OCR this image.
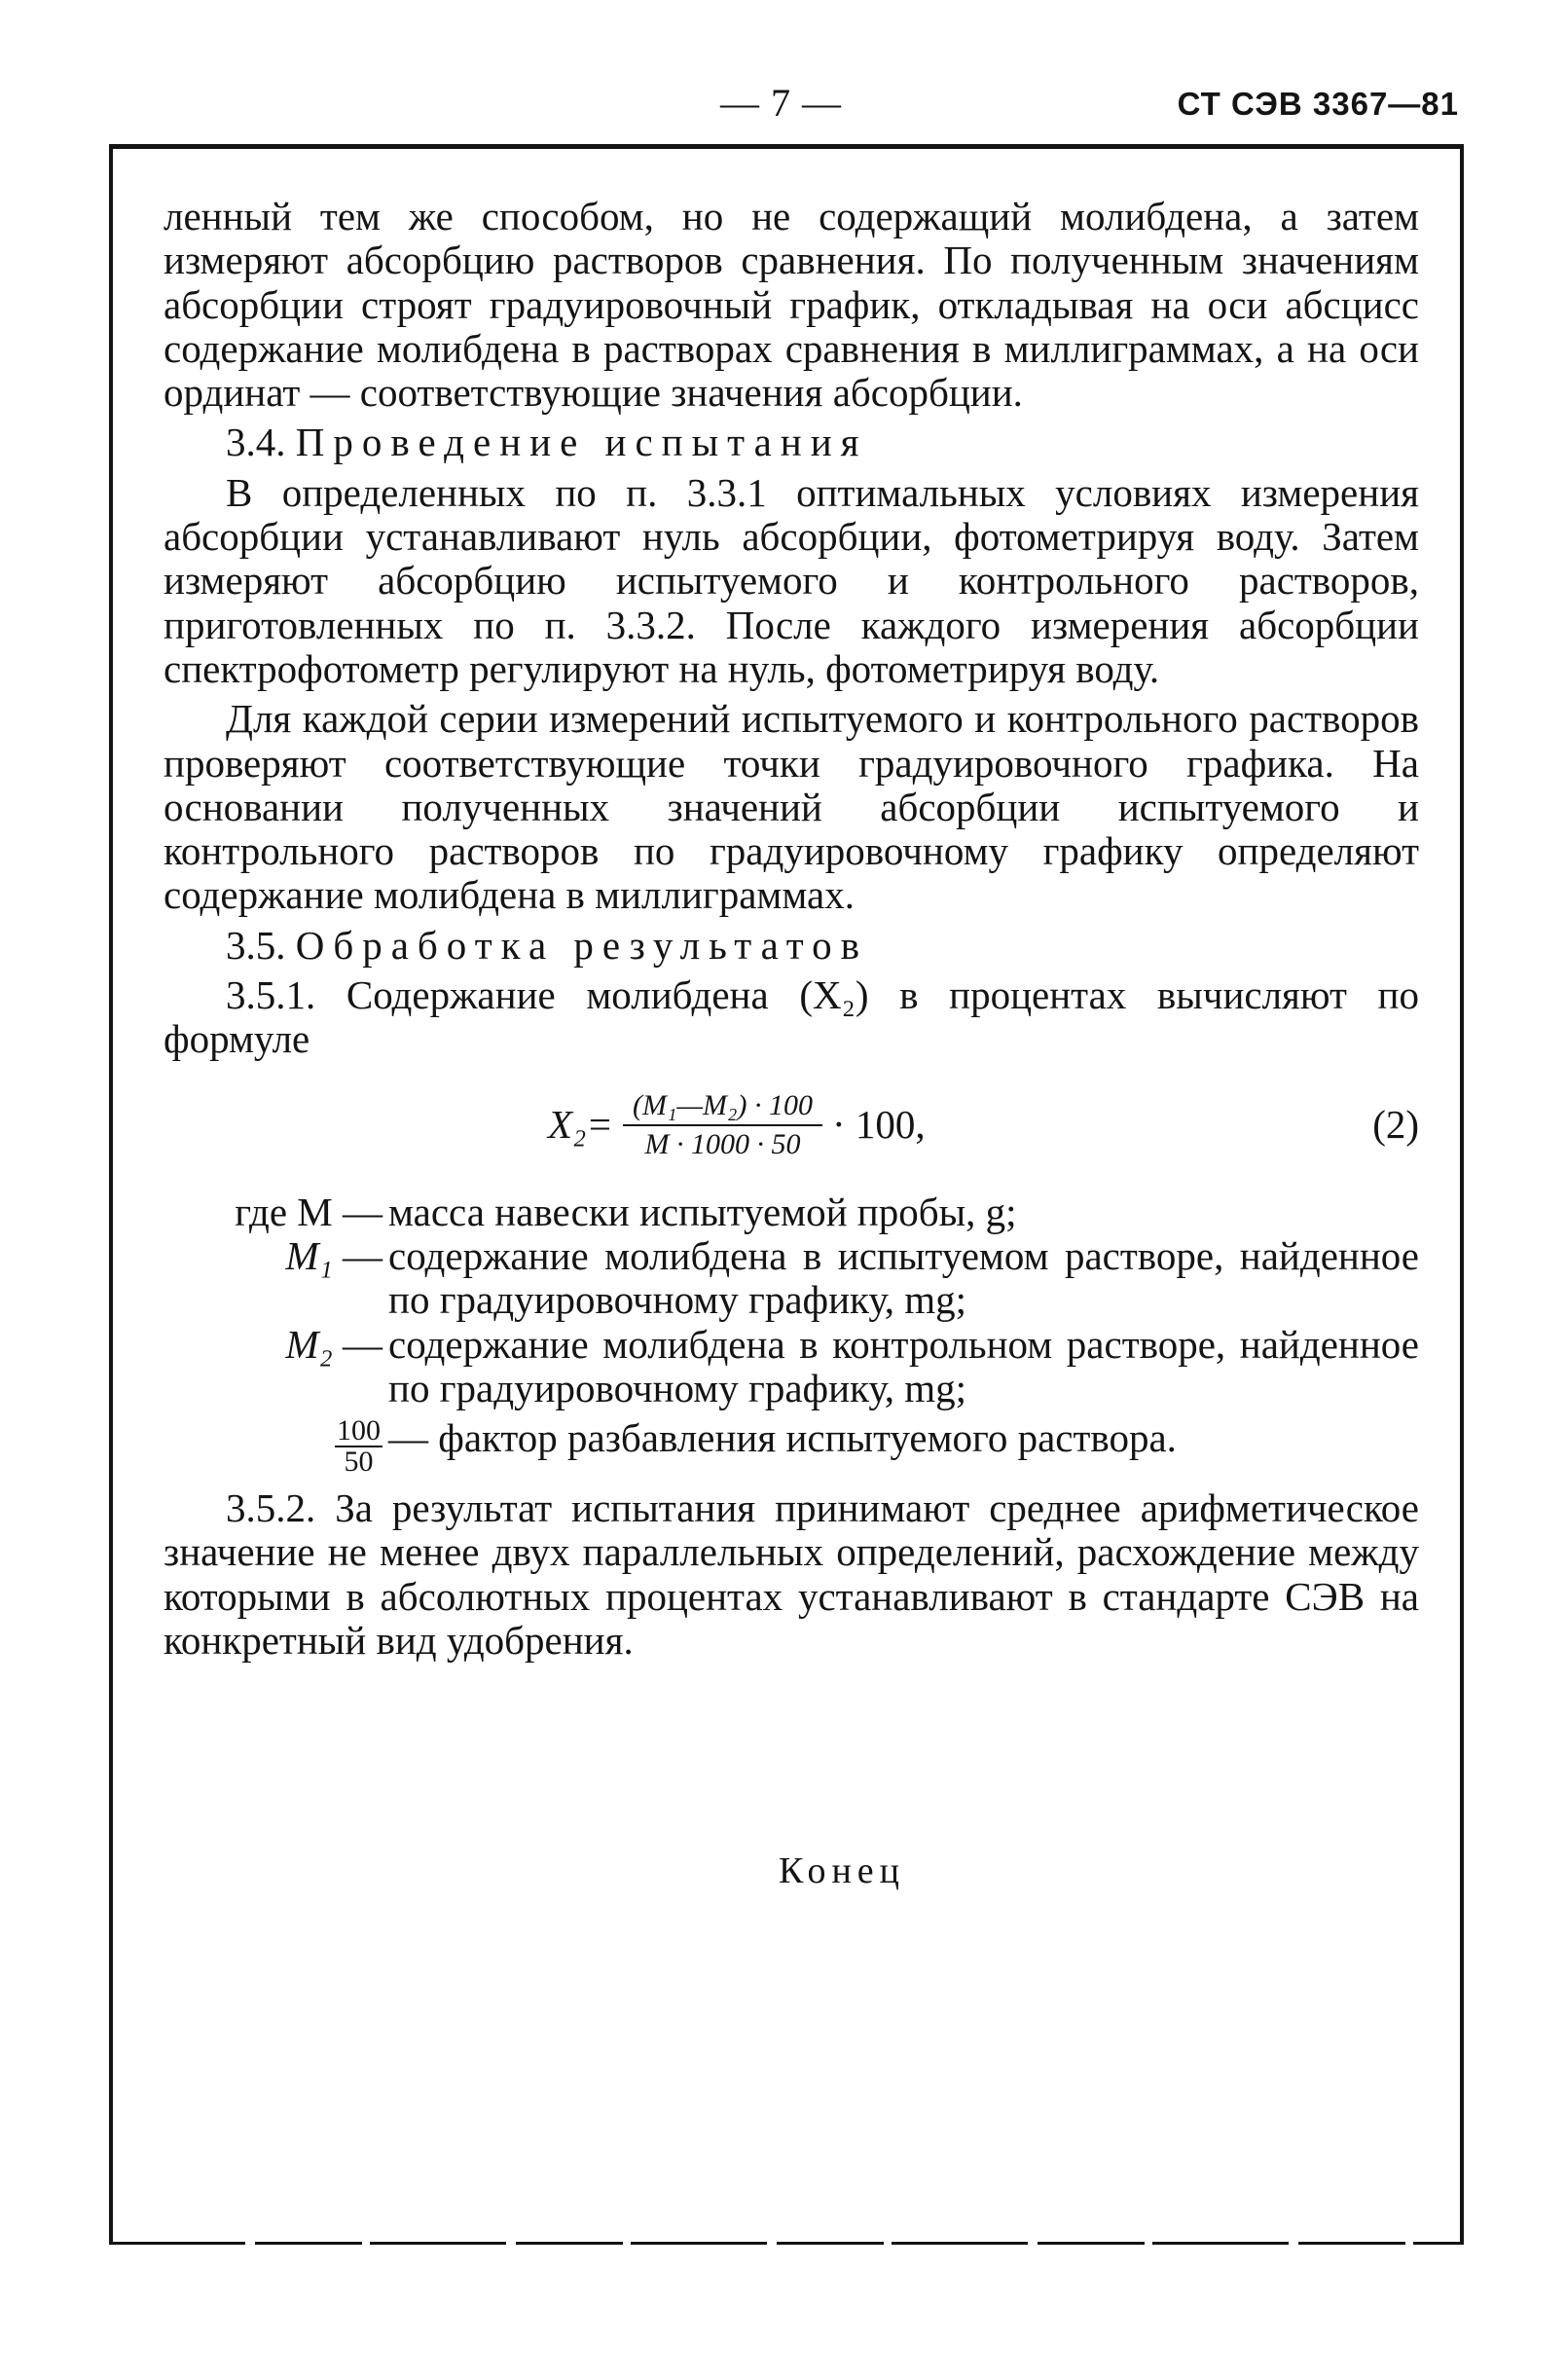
— 7 —	СТ СЭВ 3367—81

ленный тем же способом, но не содержащий молибдена, а затем измеряют абсорбцию растворов сравнения. По полученным значениям абсорбции строят градуировочный график, откладывая на оси абсцисс содержание молибдена в растворах сравнения в миллиграммах, а на оси ординат — соответствующие значения абсорбции.

3.4. Проведение испытания

В определенных по п. 3.3.1 оптимальных условиях измерения абсорбции устанавливают нуль абсорбции, фотометрируя воду. Затем измеряют абсорбцию испытуемого и контрольного растворов, приготовленных по п. 3.3.2. После каждого измерения абсорбции спектрофотометр регулируют на нуль, фотометрируя воду.

Для каждой серии измерений испытуемого и контрольного растворов проверяют соответствующие точки градуировочного графика. На основании полученных значений абсорбции испытуемого и контрольного растворов по градуировочному графику определяют содержание молибдена в миллиграммах.

3.5. Обработка результатов

3.5.1. Содержание молибдена (X₂) в процентах вычисляют по формуле

$X_2= \frac{\text{(M₁—M₂) · 100}}{M \cdot 1000 \cdot 50} \cdot 100$,	(2)
где M — масса навески испытуемой пробы, g;
M₁ — содержание молибдена в испытуемом растворе, найденное по градуировочному графику, mg;
M₂ — содержание молибдена в контрольном растворе, найденное по градуировочному графику, mg;
$\frac{100}{50}$ — фактор разбавления испытуемого раствора.

3.5.2. За результат испытания принимают среднее арифметическое значение не менее двух параллельных определений, расхождение между которыми в абсолютных процентах устанавливают в стандарте СЭВ на конкретный вид удобрения.

Конец
